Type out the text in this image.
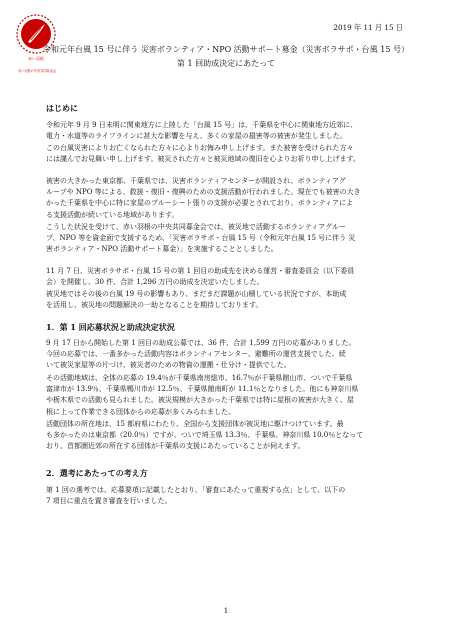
赤い羽根
赤い羽根の中央共同募金会
2019 年 11 月 15 日
令和元年台風 15 号に伴う 災害ボランティア・NPO 活動サポート募金（災害ボラサポ・台風 15 号）
第 1 回助成決定にあたって
はじめに
令和元年 9 月 9 日未明に関東地方に上陸した「台風 15 号」は、千葉県を中心に関東地方近郊に、
電力・水道等のライフラインに甚大な影響を与え、多くの家屋の損害等の被害が発生しました。
この台風災害によりお亡くなられた方々に心よりお悔み申し上げます。また被害を受けられた方々
には謹んでお見舞い申し上げます。被災された方々と被災地域の復旧を心よりお祈り申し上げます。
被害の大きかった東京都、千葉県では、災害ボランティアセンターが開設され、ボランティアグ
ループや NPO 等による、救援・復旧・復興のための支援活動が行われました。現在でも被害の大き
かった千葉県を中心に特に家屋のブルーシート張りの支援が必要とされており、ボランティアによ
る支援活動が続いている地域があります。
こうした状況を受けて、赤い羽根の中央共同募金会では、被災地で活動するボランティアグルー
プ、NPO 等を資金面で支援するため、「災害ボラサポ・台風 15 号（令和元年台風 15 号に伴う 災
害ボランティア・NPO 活動サポート募金）」を実施することとしました。
11 月 7 日、災害ボラサポ・台風 15 号の第 1 回目の助成先を決める運営・審査委員会（以下委員
会）を開催し、30 件、合計 1,296 万円の助成を決定いたしました。
被災地ではその後の台風 19 号の影響もあり、まだまだ課題が山積している状況ですが、本助成
を活用し、被災地の問題解決の一助となることを期待しております。
1．第 1 回応募状況と助成決定状況
9 月 17 日から開始した第 1 回目の助成公募では、36 件、合計 1,599 万円の応募がありました。
今回の応募では、一番多かった活動内容はボランティアセンター、避難所の運営支援でした。続
いて被災家屋等の片づけ、被災者のための物資の運搬・仕分け・提供でした。
その活動地域は、全体の応募の 19.4％が千葉県南房総市、16.7％が千葉県館山市、ついで千葉県
富津市が 13.9％、千葉県鴨川市が 12.5％、千葉県館南町が 11.1％となりました。他にも神奈川県
や栃木県での活動も見られました。被災規模が大きかった千葉県では特に屋根の被害が大きく、屋
根に上って作業できる団体からの応募が多くみられました。
活動団体の所在地は、15 都府県にわたり、全国から支援団体が被災地に駆けつけています。最
も多かったのは東京都（20.0％）ですが、ついで埼玉県 13.3％、千葉県、神奈川県 10.0％となって
おり、首都圏近郊の所在する団体が千葉県の支援にあたっていることが伺えます。
2．選考にあたっての考え方
第 1 回の選考では、応募要項に記載したとおり、「審査にあたって重視する点」として、以下の
7 項目に重点を置き審査を行いました。
1
